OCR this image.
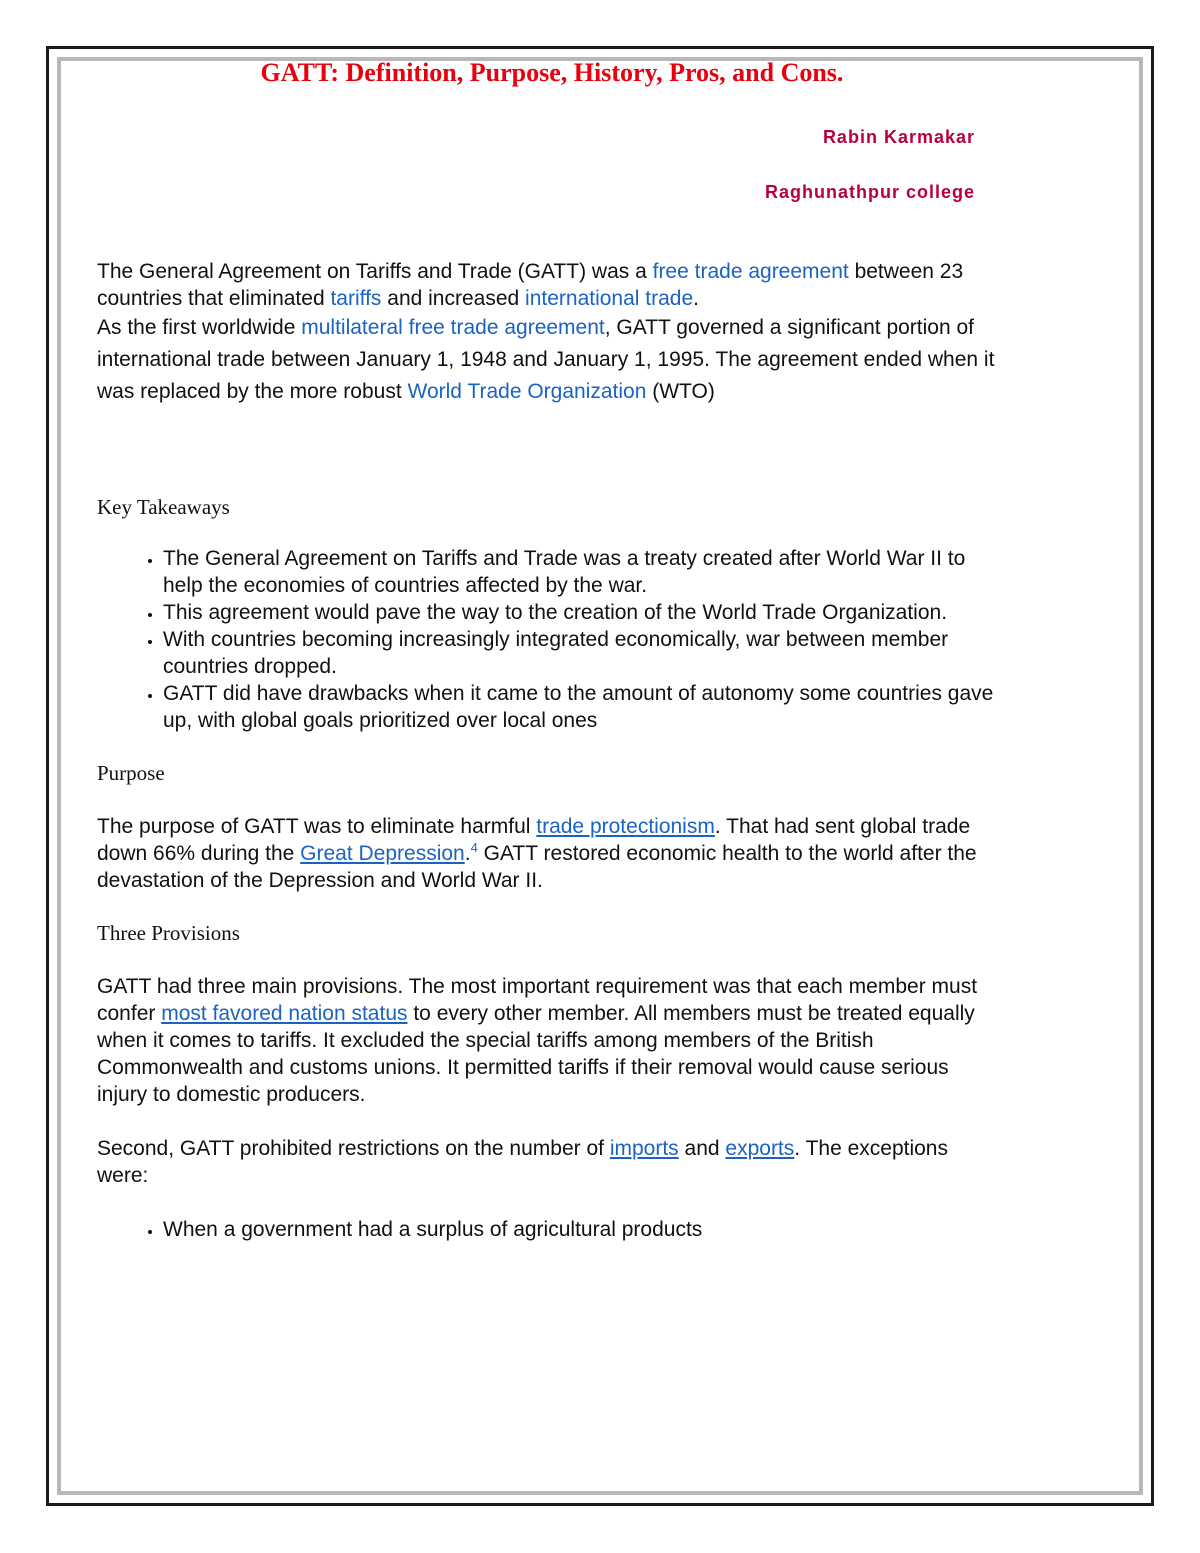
GATT: Definition, Purpose, History, Pros, and Cons.

Rabin Karmakar

Raghunathpur college

The General Agreement on Tariffs and Trade (GATT) was a free trade agreement between 23 countries that eliminated tariffs and increased international trade.

As the first worldwide multilateral free trade agreement, GATT governed a significant portion of international trade between January 1, 1948 and January 1, 1995. The agreement ended when it was replaced by the more robust World Trade Organization (WTO)

Key Takeaways
• The General Agreement on Tariffs and Trade was a treaty created after World War II to help the economies of countries affected by the war.
• This agreement would pave the way to the creation of the World Trade Organization.
• With countries becoming increasingly integrated economically, war between member countries dropped.
• GATT did have drawbacks when it came to the amount of autonomy some countries gave up, with global goals prioritized over local ones
Purpose

The purpose of GATT was to eliminate harmful trade protectionism. That had sent global trade down 66% during the Great Depression.$^4$ GATT restored economic health to the world after the devastation of the Depression and World War II.

Three Provisions

GATT had three main provisions. The most important requirement was that each member must confer most favored nation status to every other member. All members must be treated equally when it comes to tariffs. It excluded the special tariffs among members of the British Commonwealth and customs unions. It permitted tariffs if their removal would cause serious injury to domestic producers.

Second, GATT prohibited restrictions on the number of imports and exports. The exceptions were:

• When a government had a surplus of agricultural products
